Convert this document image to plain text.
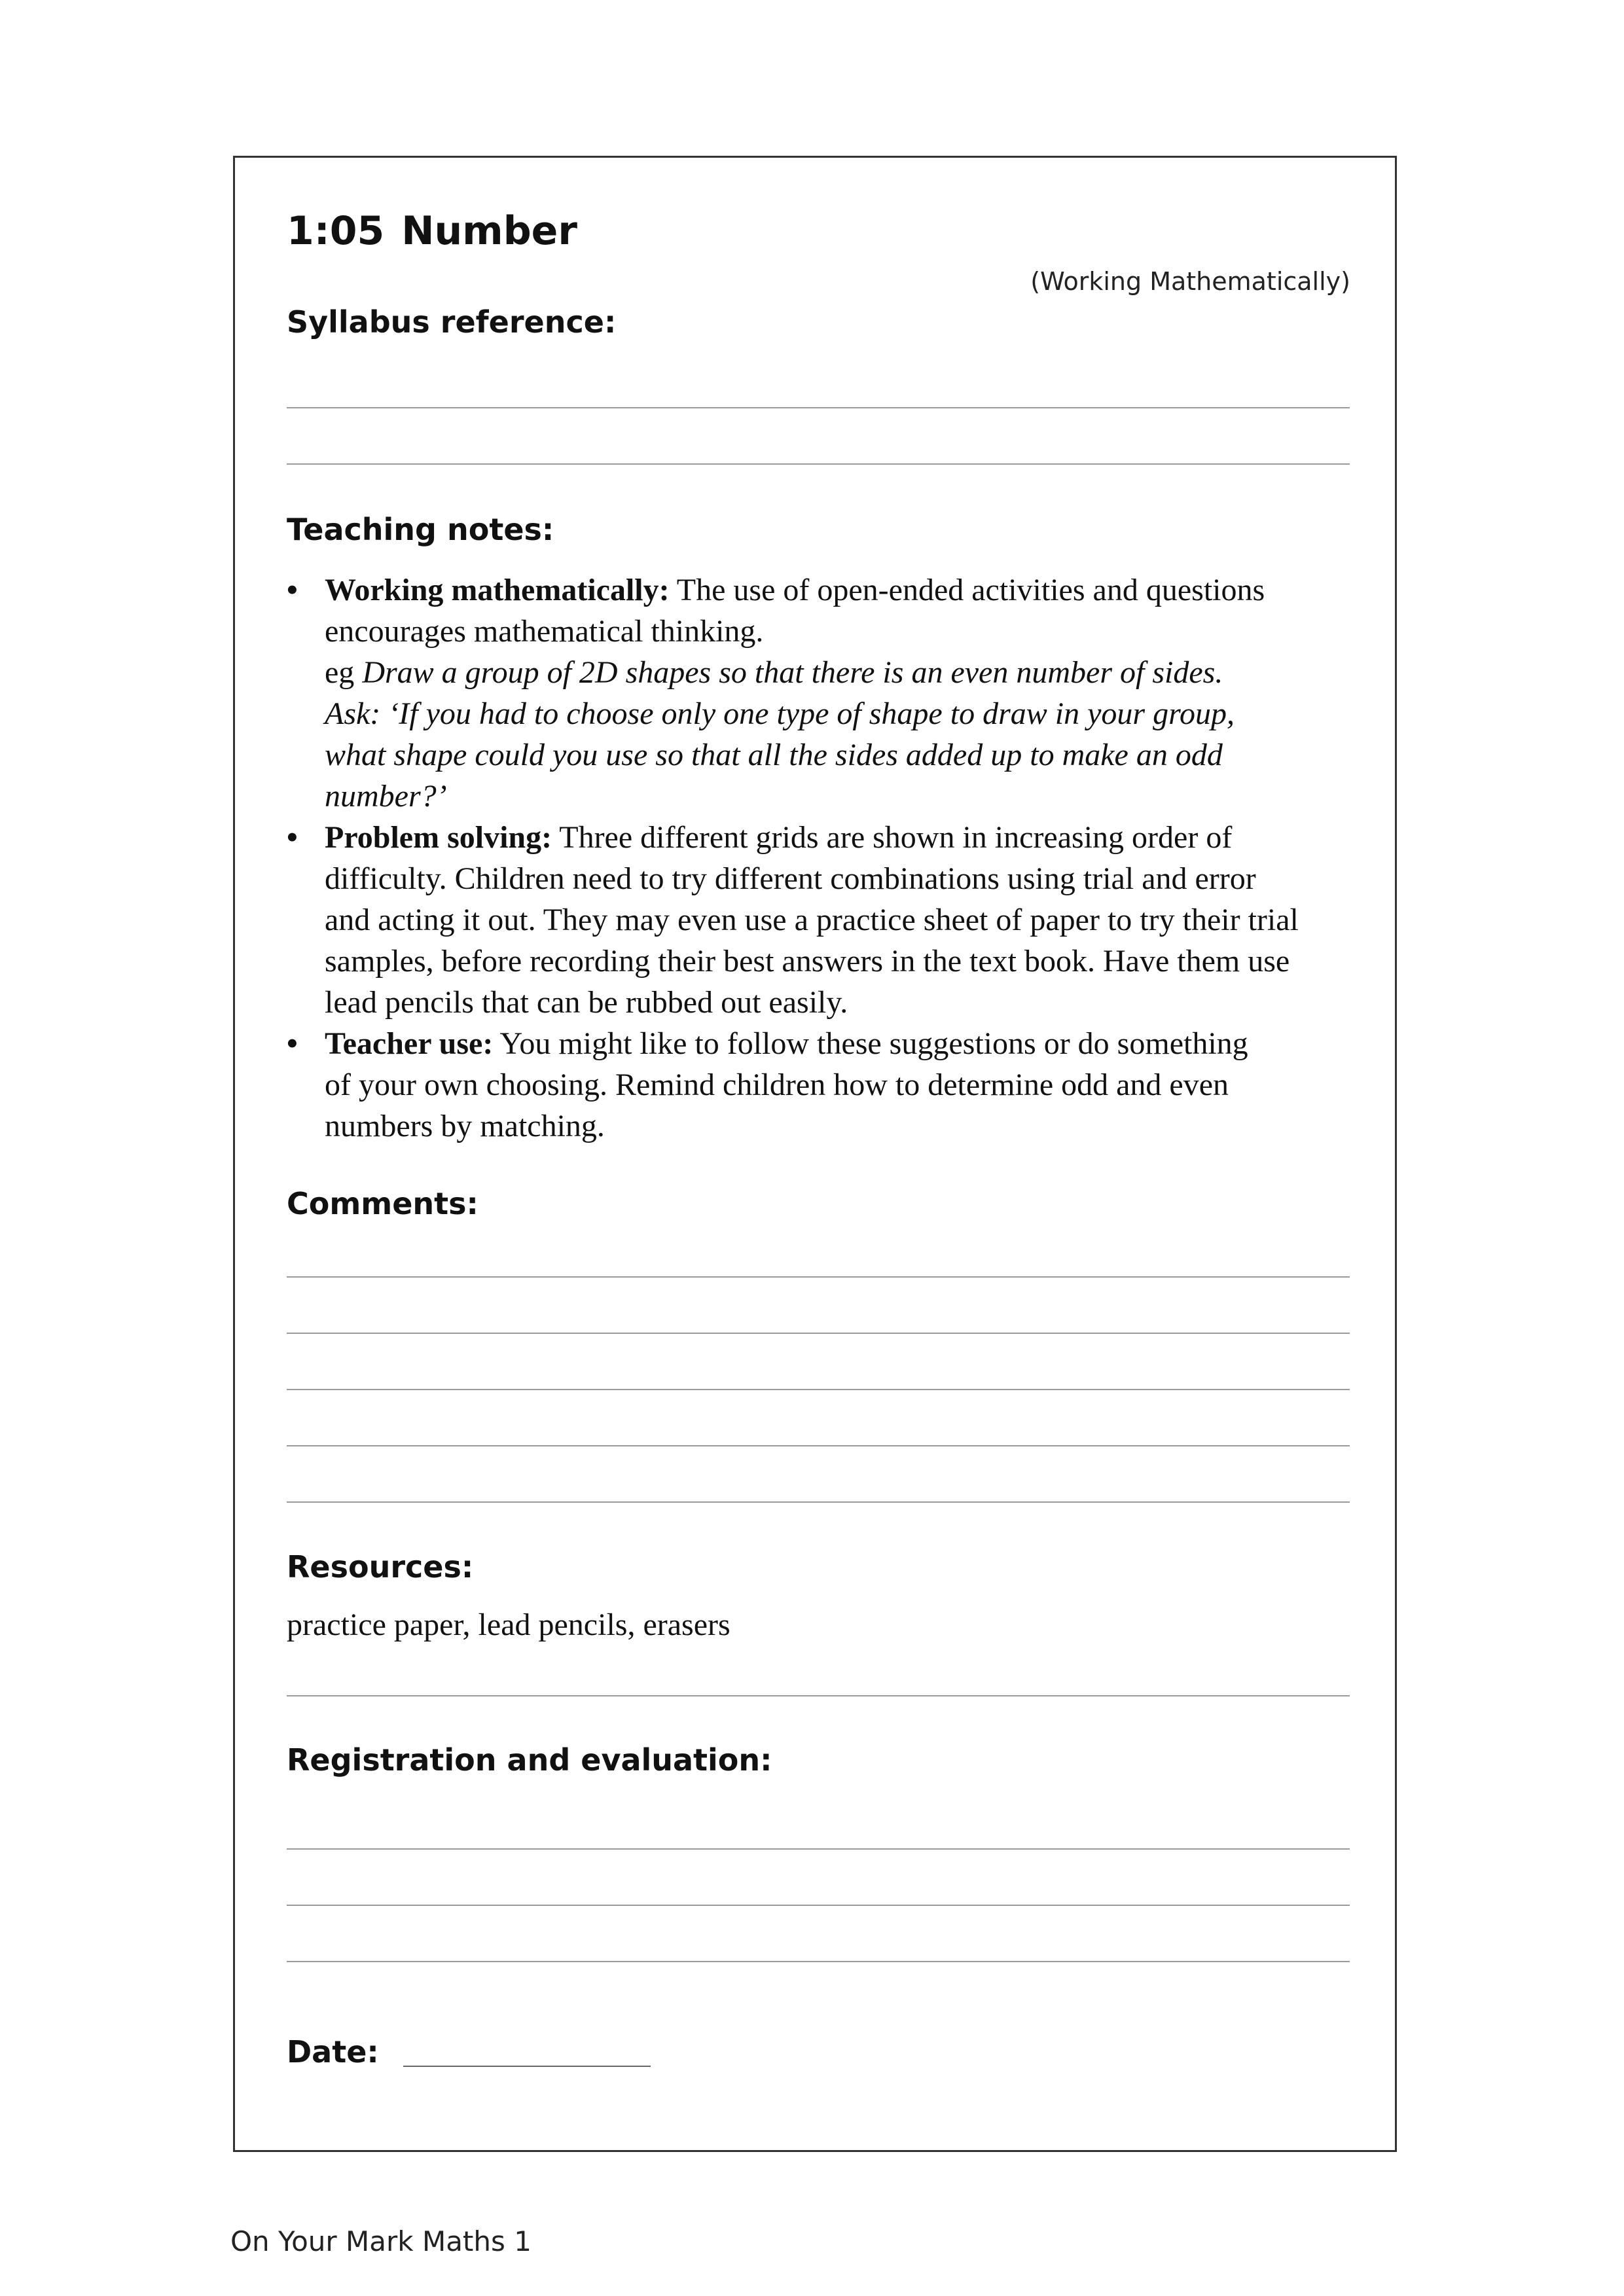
1:05 Number
(Working Mathematically)
Syllabus reference:
Teaching notes:
• Working mathematically: The use of open-ended activities and questions
encourages mathematical thinking.
eg Draw a group of 2D shapes so that there is an even number of sides.
Ask: ‘If you had to choose only one type of shape to draw in your group,
what shape could you use so that all the sides added up to make an odd
number?’
• Problem solving: Three different grids are shown in increasing order of
difficulty. Children need to try different combinations using trial and error
and acting it out. They may even use a practice sheet of paper to try their trial
samples, before recording their best answers in the text book. Have them use
lead pencils that can be rubbed out easily.
• Teacher use: You might like to follow these suggestions or do something
of your own choosing. Remind children how to determine odd and even
numbers by matching.
Comments:
Resources:
practice paper, lead pencils, erasers
Registration and evaluation:
Date:
On Your Mark Maths 1
